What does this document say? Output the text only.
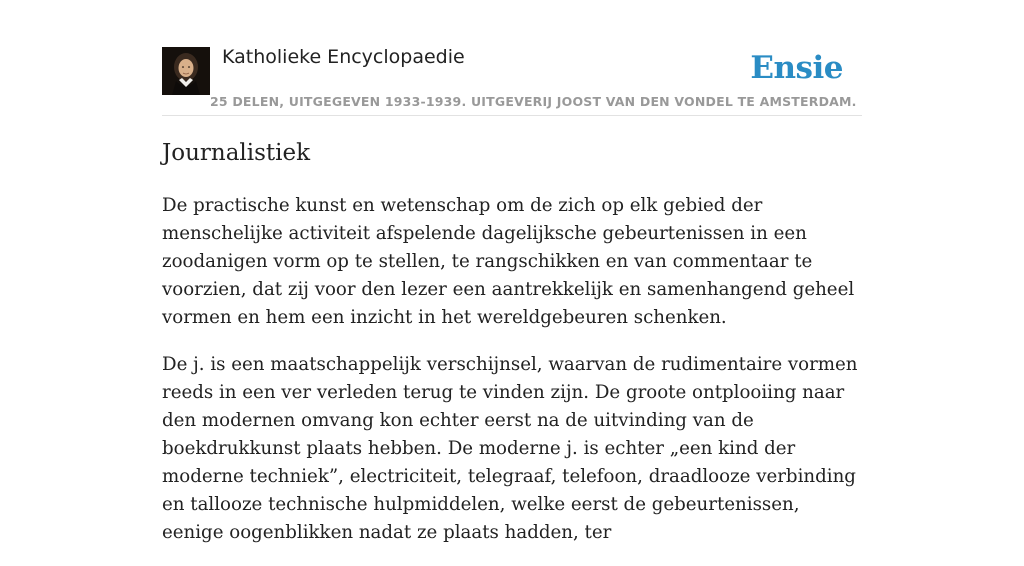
Katholieke Encyclopaedie
25 DELEN, UITGEGEVEN 1933-1939. UITGEVERIJ JOOST VAN DEN VONDEL TE AMSTERDAM.
Ensie
Journalistiek

De practische kunst en wetenschap om de zich op elk gebied der menschelijke activiteit afspelende dagelijksche gebeurtenissen in een zoodanigen vorm op te stellen, te rangschikken en van commentaar te voorzien, dat zij voor den lezer een aantrekkelijk en samenhangend geheel vormen en hem een inzicht in het wereldgebeuren schenken.

De j. is een maatschappelijk verschijnsel, waarvan de rudimentaire vormen reeds in een ver verleden terug te vinden zijn. De groote ontplooiing naar den modernen omvang kon echter eerst na de uitvinding van de boekdrukkunst plaats hebben. De moderne j. is echter „een kind der moderne techniek”, electriciteit, telegraaf, telefoon, draadlooze verbinding en tallooze technische hulpmiddelen, welke eerst de gebeurtenissen, eenige oogenblikken nadat ze plaats hadden, ter
